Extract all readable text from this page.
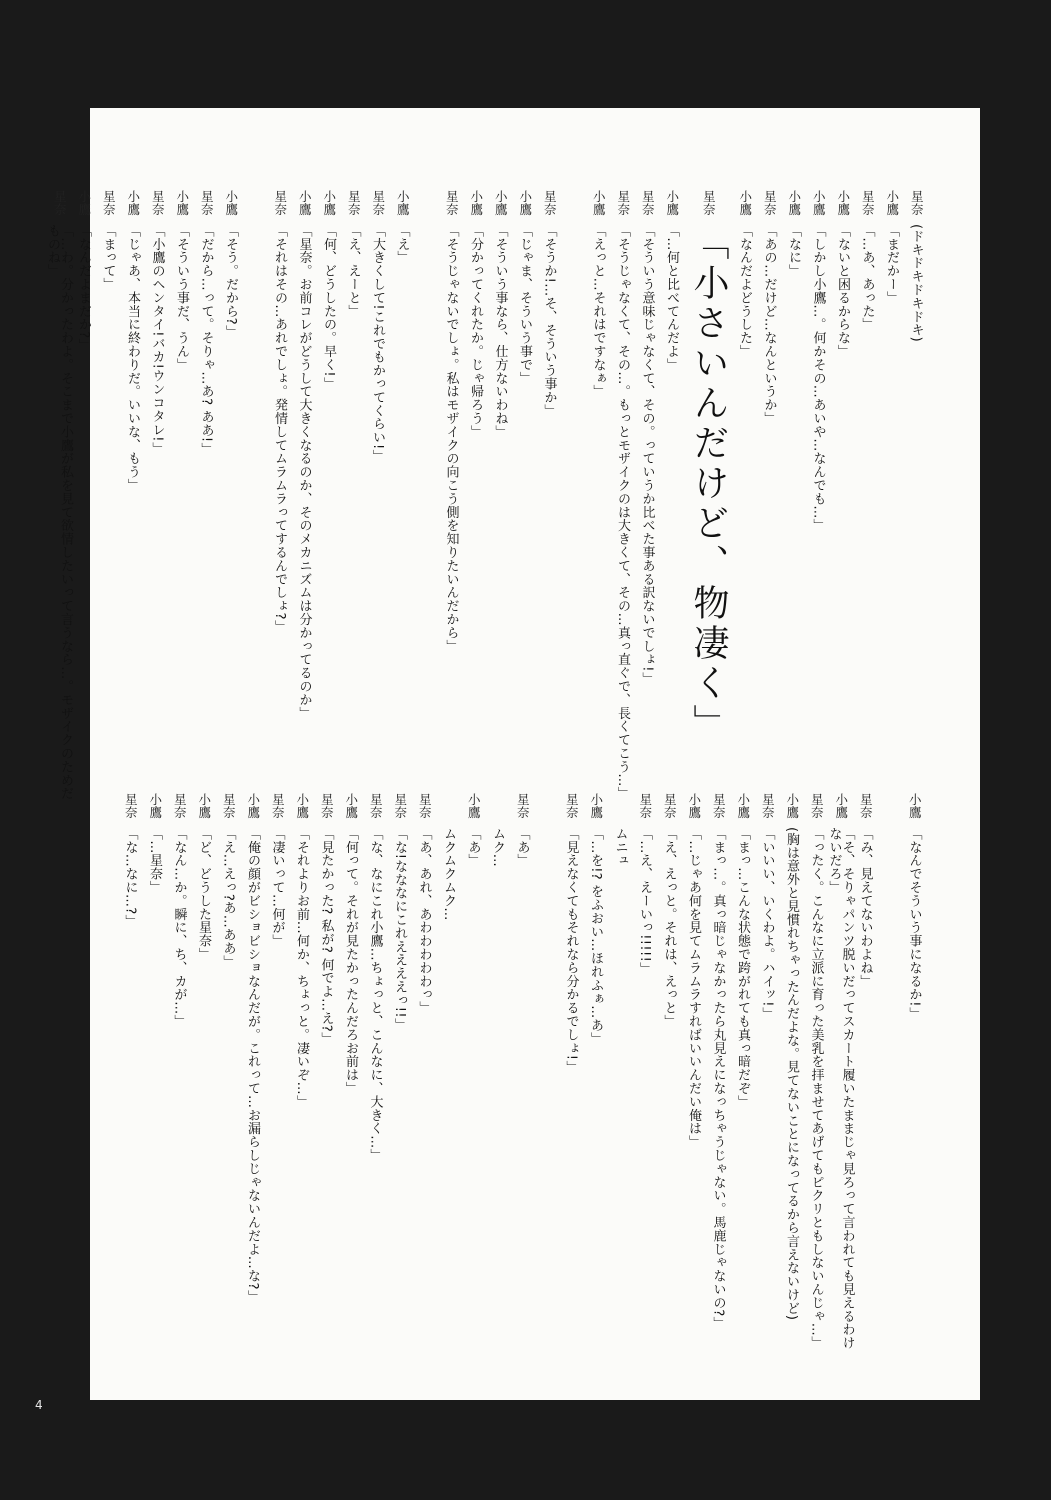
星奈
(ドキドキドキドキ)
小鷹
「まだかー」
星奈
「…あ、あった」
小鷹
「ないと困るからな」
小鷹
「しかし小鷹…。何かその…あいや…なんでも…」
小鷹
「なに」
星奈
「あの…だけど…なんというか」
小鷹
「なんだよどうした」
星奈
「小さいんだけど、物凄く」
小鷹
「…何と比べてんだよ」
星奈
「そういう意味じゃなくて、その。っていうか比べた事ある訳ないでしょ!」
星奈
「そうじゃなくて、その…。もっとモザイクのは大きくて、その…真っ直ぐで、長くてこう…」
小鷹
「えっと…それはですなぁ」
星奈
「そうか!…そ、そういう事か」
小鷹
「じゃま、そういう事で」
小鷹
「そういう事なら、仕方ないわね」
小鷹
「分かってくれたか。じゃ帰ろう」
星奈
「そうじゃないでしょ。私はモザイクの向こう側を知りたいんだから」
小鷹
「え」
星奈
「大きくして!これでもかってくらい!」
星奈
「え、えーと」
小鷹
「何、どうしたの。早く!」
小鷹
「星奈。お前コレがどうして大きくなるのか、そのメカニズムは分かってるのか」
星奈
「それはその…あれでしょ。発情してムラムラってするんでしょ?」
小鷹
「そう。だから?」
星奈
「だから…って。そりゃ…あ? ああ!」
小鷹
「そういう事だ、うん」
星奈
「小鷹のヘンタイ!バカ!ウンコタレ!」
小鷹
「じゃあ、本当に終わりだ。いいな、もう」
星奈
「まって」
小鷹
「なんだよまだか?」
星奈
「…わ。分かったわよ。そこまで小鷹が私を見て欲情したいって言うなら…。モザイクのためだものね」
小鷹
「なんでそういう事になるか!」
星奈
「み、見えてないわよね」
小鷹
「そ、そりゃパンツ脱いだってスカート履いたままじゃ見ろって言われても見えるわけないだろ」
星奈
「ったく。こんなに立派に育った美乳を拝ませてあげてもピクリともしないんじゃ…」
小鷹
(胸は意外と見慣れちゃったんだよな。見てないことになってるから言えないけど)
星奈
「いいい、いくわよ。ハイッ!」
小鷹
「まっ…こんな状態で跨がれても真っ暗だぞ」
星奈
「まっ…。真っ暗じゃなかったら丸見えになっちゃうじゃない。馬鹿じゃないの?」
小鷹
「…じゃあ何を見てムラムラすればいいんだい俺は」
星奈
「え、えっと。それは、えっと」
星奈
「…え、えーいっ!!!!!」
ムニュ
小鷹
「…を!? をふおい…ほれふぁ…あ」
星奈
「見えなくてもそれなら分かるでしょ!」
星奈
「あ」
ムク…
小鷹
「あ」
ムクムクムク…
星奈
「あ、あれ、あわわわわわっ」
星奈
「な!なななにこれええええっ!!」
星奈
「な、なにこれ小鷹…ちょっと、こんなに、大きく…」
小鷹
「何って。それが見たかったんだろお前は」
星奈
「見たかった? 私が? 何でよ…え?」
小鷹
「それよりお前…何か、ちょっと。凄いぞ…」
星奈
「凄いって…何が」
小鷹
「俺の顔がビショビショなんだが。これって…お漏らしじゃないんだよ…な?」
星奈
「え…えっ?あ…ああ」
小鷹
「ど、どうした星奈」
星奈
「なん…か。瞬に、ち、カが…」
小鷹
「…星奈」
星奈
「な…なに…?」
4
